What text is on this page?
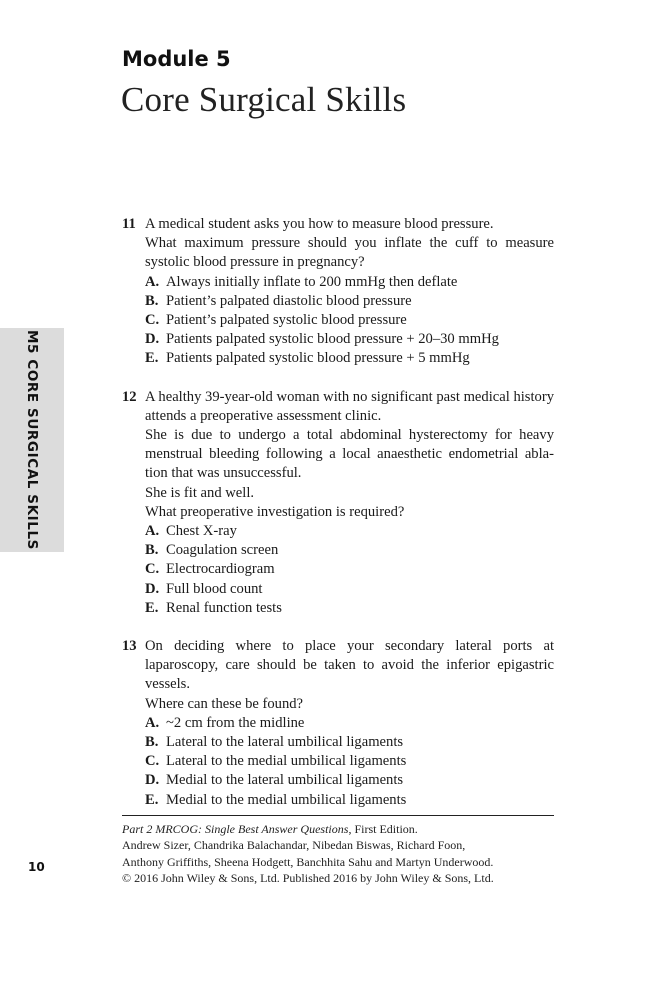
Module 5
Core Surgical Skills
M5 CORE SURGICAL SKILLS
11 A medical student asks you how to measure blood pressure.
What maximum pressure should you inflate the cuff to measure systolic blood pressure in pregnancy?
A. Always initially inflate to 200 mmHg then deflate
B. Patient’s palpated diastolic blood pressure
C. Patient’s palpated systolic blood pressure
D. Patients palpated systolic blood pressure + 20–30 mmHg
E. Patients palpated systolic blood pressure + 5 mmHg
12 A healthy 39-year-old woman with no significant past medical history attends a preoperative assessment clinic.
She is due to undergo a total abdominal hysterectomy for heavy menstrual bleeding following a local anaesthetic endometrial abla-tion that was unsuccessful.
She is fit and well.
What preoperative investigation is required?
A. Chest X-ray
B. Coagulation screen
C. Electrocardiogram
D. Full blood count
E. Renal function tests
13 On deciding where to place your secondary lateral ports at laparoscopy, care should be taken to avoid the inferior epigastric vessels.
Where can these be found?
A. ~2 cm from the midline
B. Lateral to the lateral umbilical ligaments
C. Lateral to the medial umbilical ligaments
D. Medial to the lateral umbilical ligaments
E. Medial to the medial umbilical ligaments
Part 2 MRCOG: Single Best Answer Questions, First Edition.
Andrew Sizer, Chandrika Balachandar, Nibedan Biswas, Richard Foon,
Anthony Griffiths, Sheena Hodgett, Banchhita Sahu and Martyn Underwood.
© 2016 John Wiley & Sons, Ltd. Published 2016 by John Wiley & Sons, Ltd.
10
